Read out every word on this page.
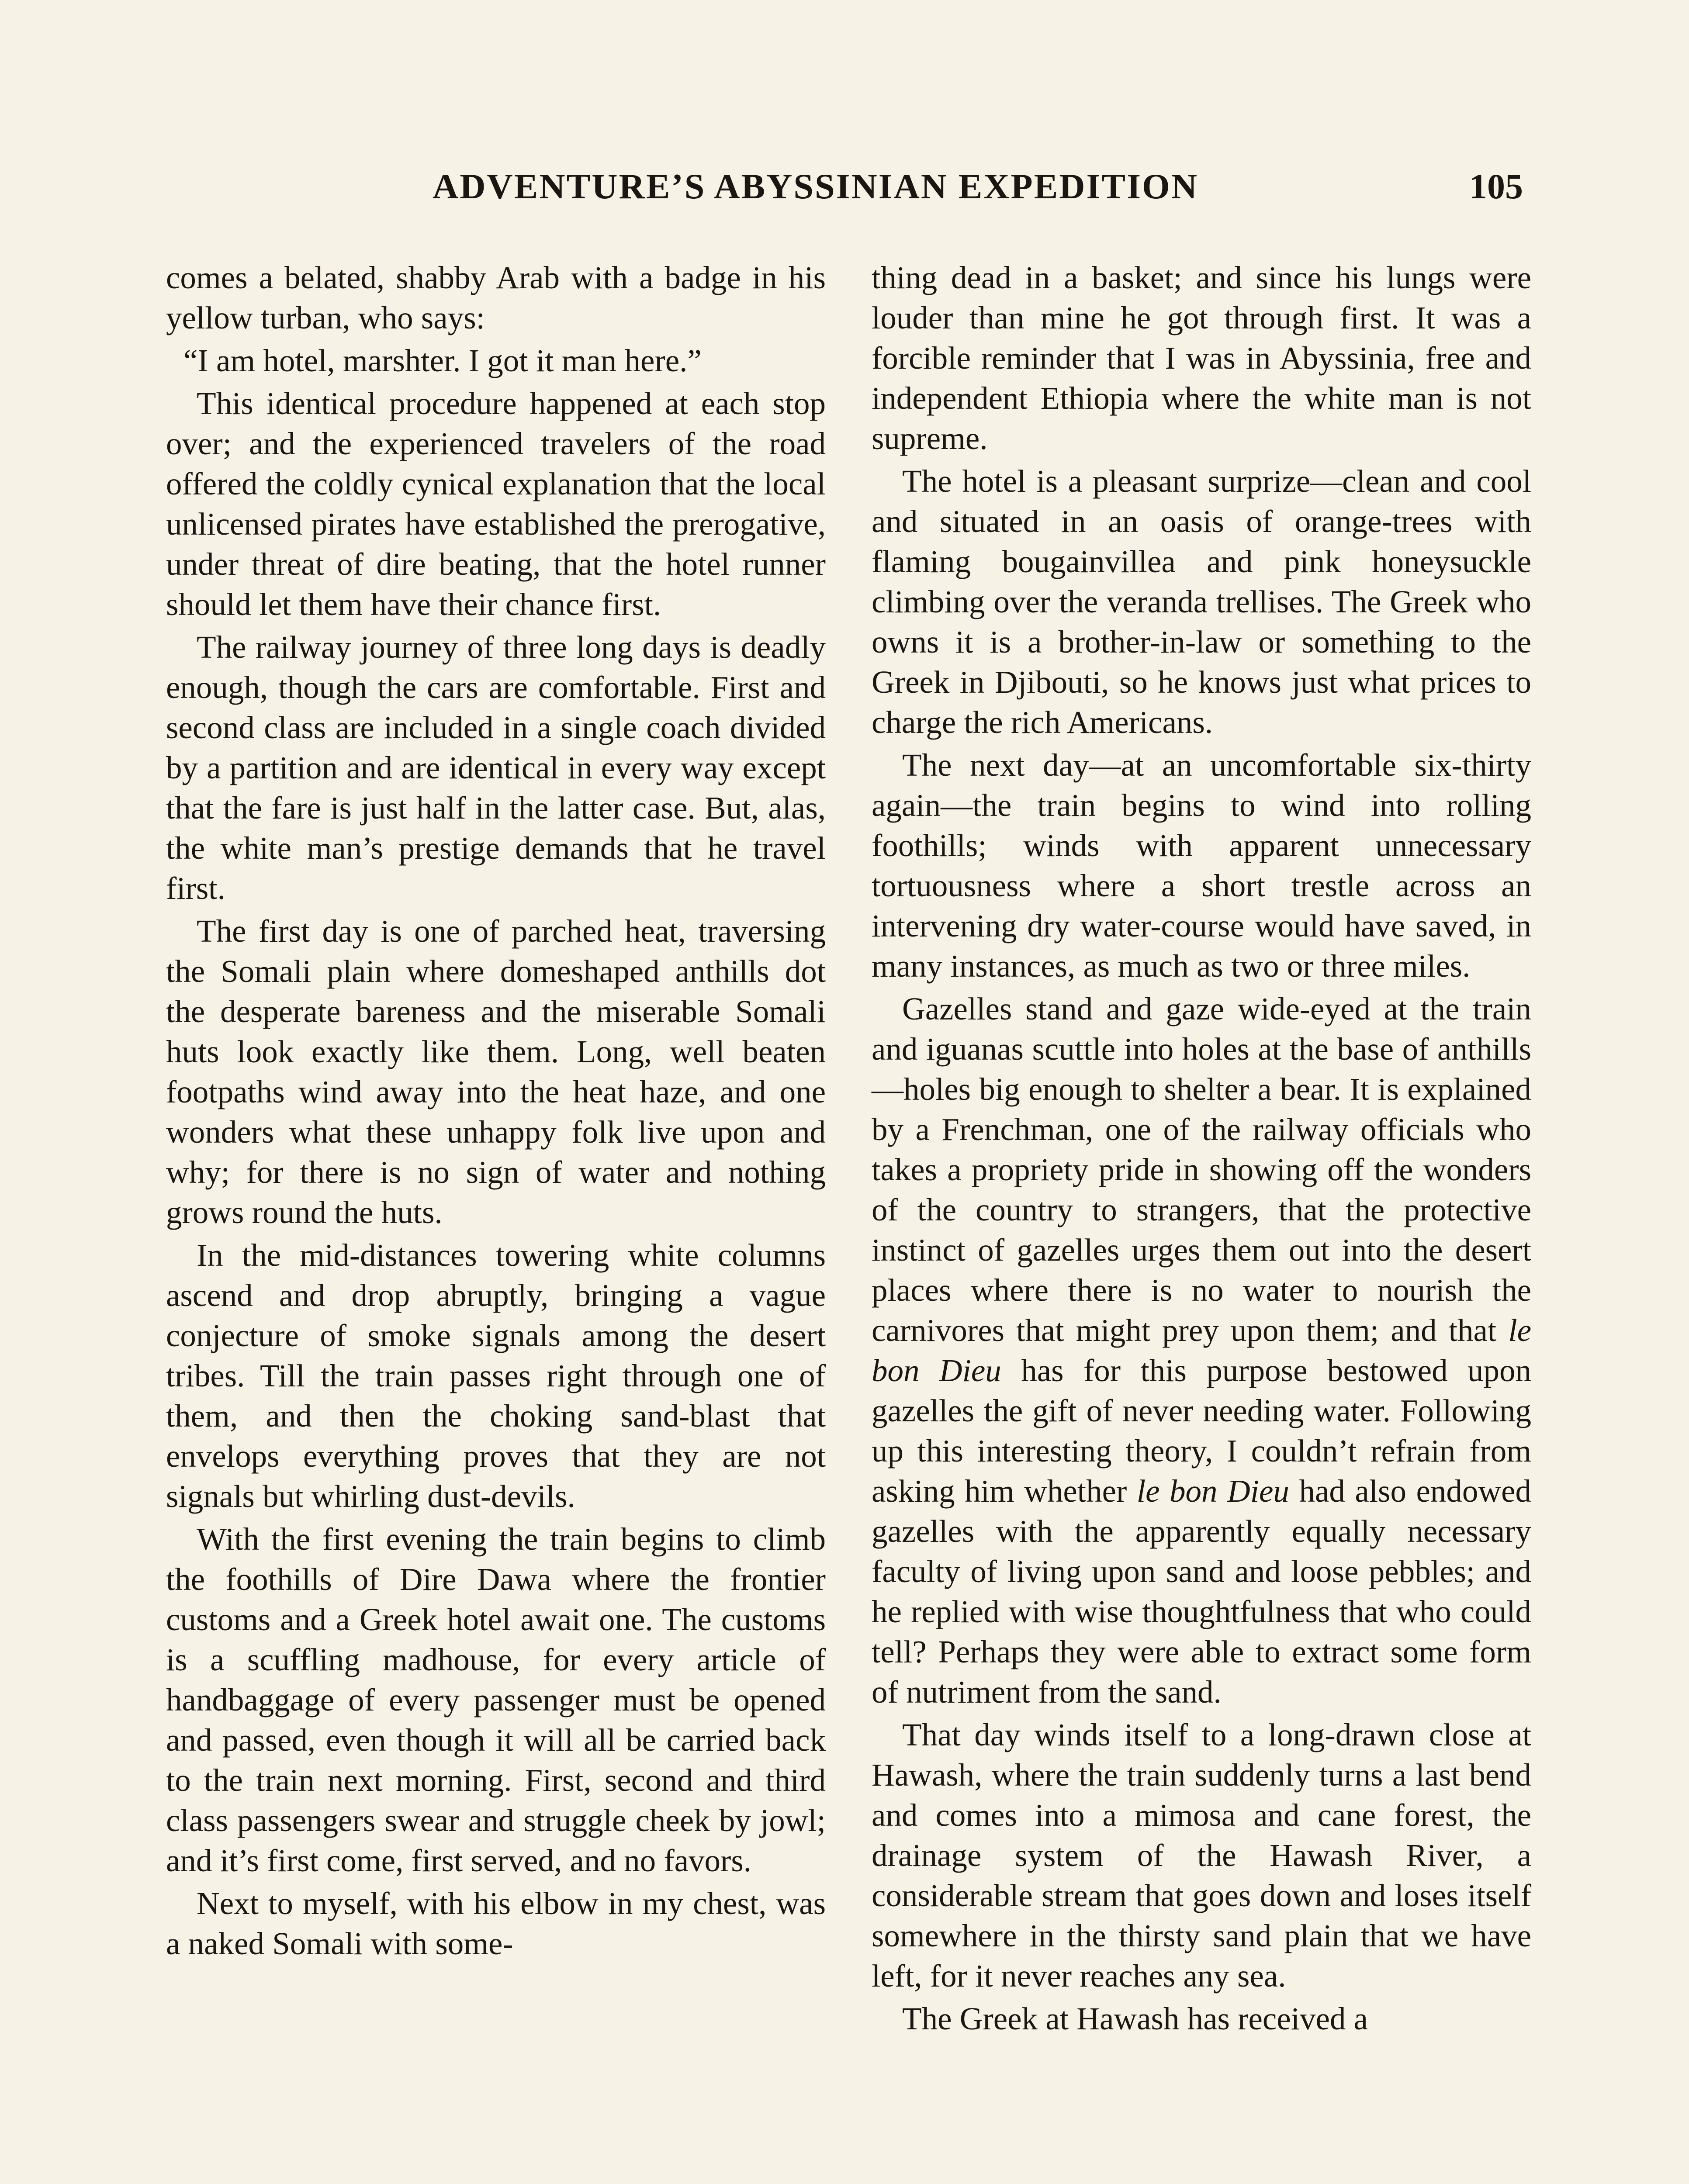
ADVENTURE’S ABYSSINIAN EXPEDITION	105

comes a belated, shabby Arab with a badge in his yellow turban, who says:

“I am hotel, marshter. I got it man here.”

This identical procedure happened at each stop over; and the experienced travelers of the road offered the coldly cynical explanation that the local unlicensed pirates have established the prerogative, under threat of dire beating, that the hotel runner should let them have their chance first.

The railway journey of three long days is deadly enough, though the cars are comfortable. First and second class are included in a single coach divided by a partition and are identical in every way except that the fare is just half in the latter case. But, alas, the white man’s prestige demands that he travel first.

The first day is one of parched heat, traversing the Somali plain where domeshaped anthills dot the desperate bareness and the miserable Somali huts look exactly like them. Long, well beaten footpaths wind away into the heat haze, and one wonders what these unhappy folk live upon and why; for there is no sign of water and nothing grows round the huts.

In the mid-distances towering white columns ascend and drop abruptly, bringing a vague conjecture of smoke signals among the desert tribes. Till the train passes right through one of them, and then the choking sand-blast that envelops everything proves that they are not signals but whirling dust-devils.

With the first evening the train begins to climb the foothills of Dire Dawa where the frontier customs and a Greek hotel await one. The customs is a scuffling madhouse, for every article of handbaggage of every passenger must be opened and passed, even though it will all be carried back to the train next morning. First, second and third class passengers swear and struggle cheek by jowl; and it’s first come, first served, and no favors.

Next to myself, with his elbow in my chest, was a naked Somali with some-

thing dead in a basket; and since his lungs were louder than mine he got through first. It was a forcible reminder that I was in Abyssinia, free and independent Ethiopia where the white man is not supreme.

The hotel is a pleasant surprize—clean and cool and situated in an oasis of orange-trees with flaming bougainvillea and pink honeysuckle climbing over the veranda trellises. The Greek who owns it is a brother-in-law or something to the Greek in Djibouti, so he knows just what prices to charge the rich Americans.

The next day—at an uncomfortable six-thirty again—the train begins to wind into rolling foothills; winds with apparent unnecessary tortuousness where a short trestle across an intervening dry water-course would have saved, in many instances, as much as two or three miles.

Gazelles stand and gaze wide-eyed at the train and iguanas scuttle into holes at the base of anthills—holes big enough to shelter a bear. It is explained by a Frenchman, one of the railway officials who takes a propriety pride in showing off the wonders of the country to strangers, that the protective instinct of gazelles urges them out into the desert places where there is no water to nourish the carnivores that might prey upon them; and that le bon Dieu has for this purpose bestowed upon gazelles the gift of never needing water. Following up this interesting theory, I couldn’t refrain from asking him whether le bon Dieu had also endowed gazelles with the apparently equally necessary faculty of living upon sand and loose pebbles; and he replied with wise thoughtfulness that who could tell? Perhaps they were able to extract some form of nutriment from the sand.

That day winds itself to a long-drawn close at Hawash, where the train suddenly turns a last bend and comes into a mimosa and cane forest, the drainage system of the Hawash River, a considerable stream that goes down and loses itself somewhere in the thirsty sand plain that we have left, for it never reaches any sea.

The Greek at Hawash has received a
